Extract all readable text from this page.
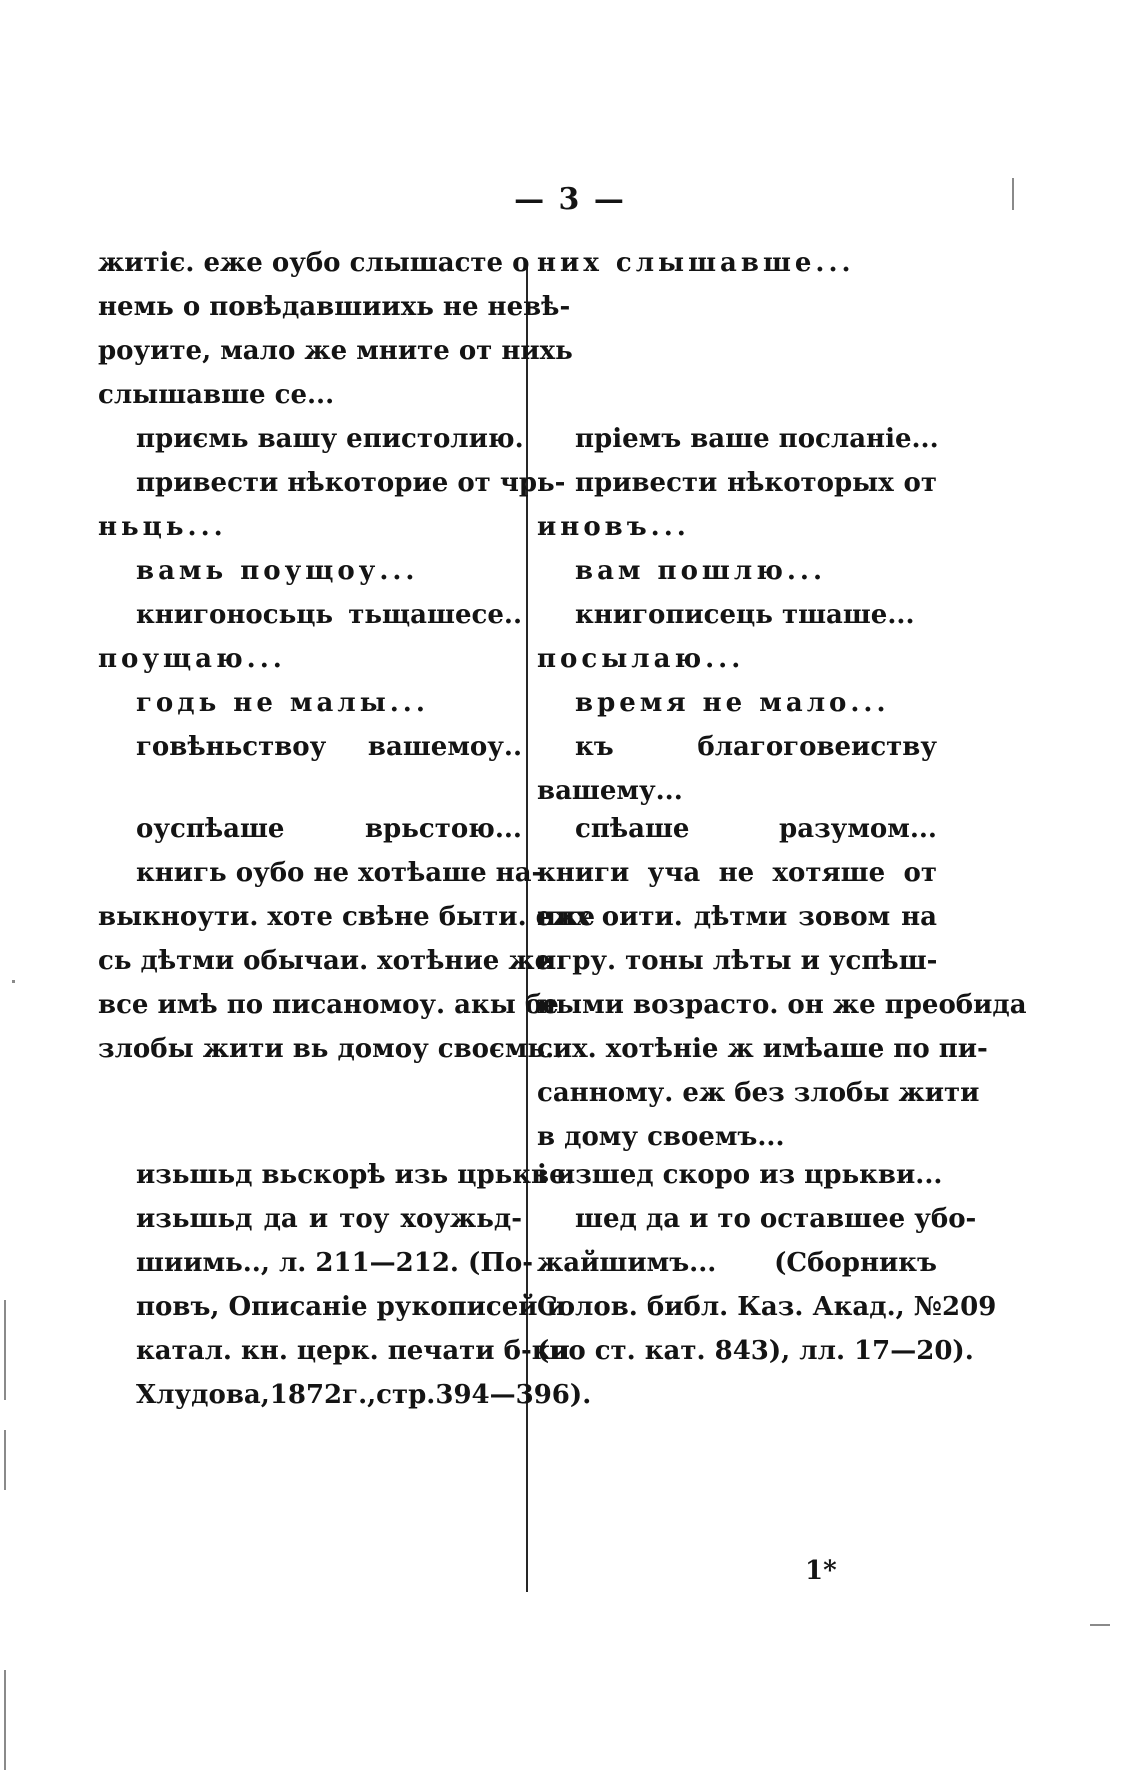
— 3 —
житіє. еже оубо слышасте о
немь о повѣдавшиихь не невѣ-
роуите, мало же мните от нихь
слышавше се...
приємь вашу епистолию.
привести нѣкоторие от чрь-
ньць...
вамь поущоу...
книгоносьць тьщашесе..
поущаю...
годь не малы...
говѣньствоу вашемоу..
оуспѣаше врьстою...
книгь оубо не хотѣаше на-
выкноути. хоте свѣне быти. еже
сь дѣтми обычаи. хотѣние же
все имѣ по писаномоу. акы бе
злобы жити вь домоу своємь..
изьшьд вьскорѣ изь црькве.
изьшьд да и тоу хоужьд-
шиимь.., л. 211—212. (По-
повъ, Описаніе рукописей и
катал. кн. церк. печати б-ки
Хлудова,1872г.,стр.394—396).
них слышавше...
пріемъ ваше посланіе...
привести нѣкоторых от
иновъ...
вам пошлю...
книгописець тшаше...
посылаю...
время не мало...
къ благоговеиству
вашему...
спѣаше разумом...
книги учa не хотяше от
них оити. дѣтми зовом на
игру. тоны лѣты и успѣш-
ными возрасто. он же преобида
сих. хотѣніе ж имѣаше по пи-
санному. еж без злобы жити
в дому своемъ...
і изшед скоро из црькви...
шед да и то оставшее убо-
жайшимъ... (Сборникъ
Солов. библ. Каз. Акад., №209
(по ст. кат. 843), лл. 17—20).
1*
